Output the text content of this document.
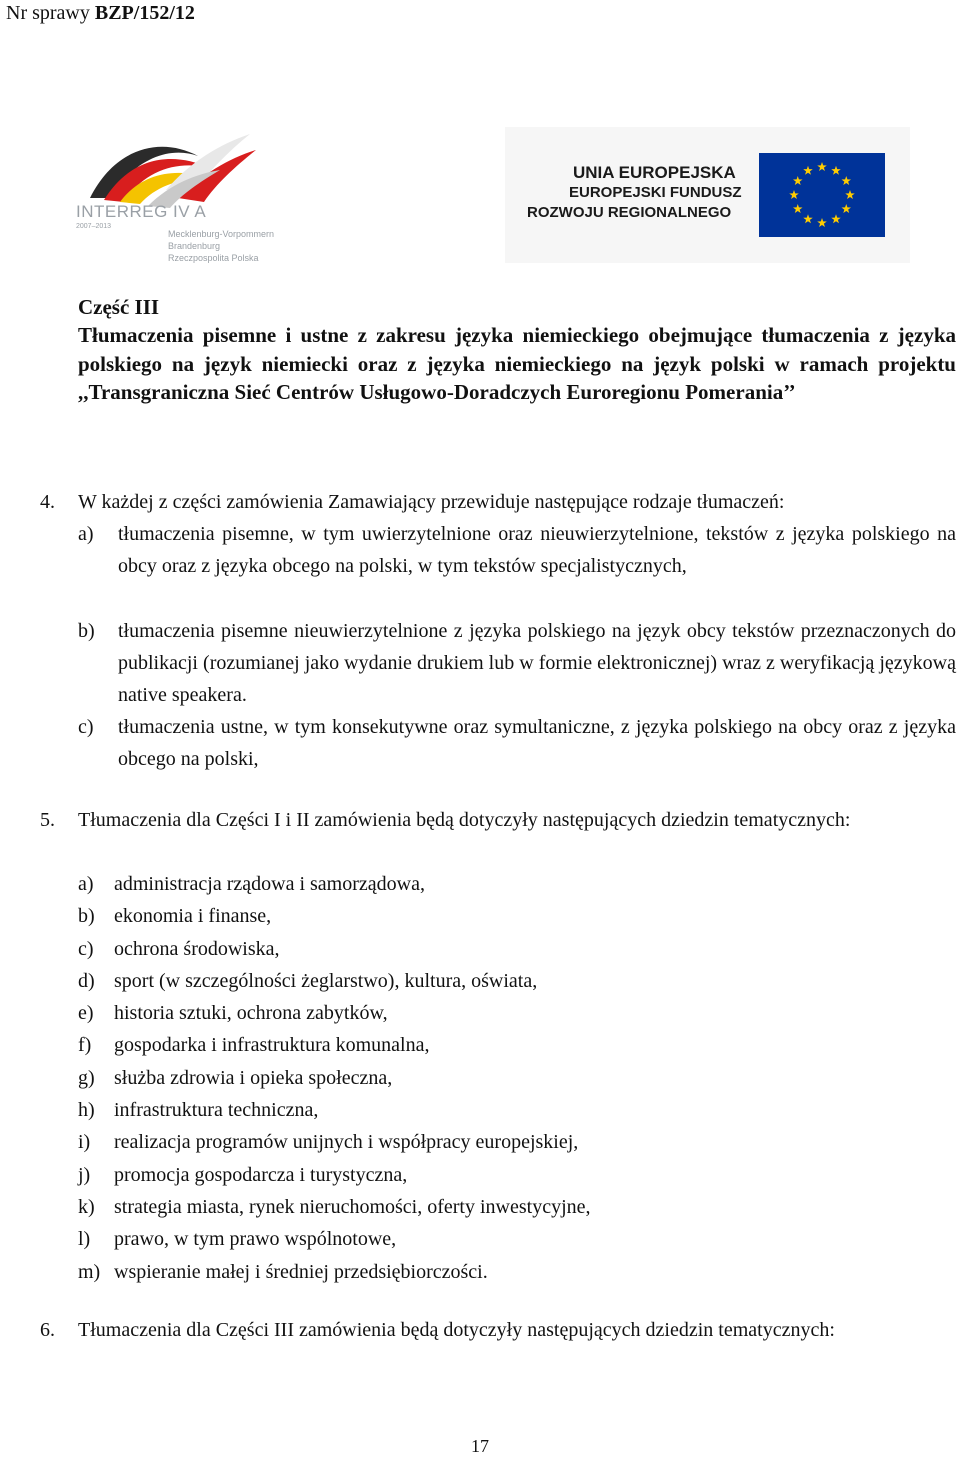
Nr sprawy BZP/152/12
INTERREG IV A
2007–2013
Mecklenburg-Vorpommern
Brandenburg
Rzeczpospolita Polska
UNIA EUROPEJSKA
EUROPEJSKI FUNDUSZ
ROZWOJU REGIONALNEGO
Część III
Tłumaczenia pisemne i ustne z zakresu języka niemieckiego obejmujące tłumaczenia z języka polskiego na język niemiecki oraz z języka niemieckiego na język polski w ramach projektu ,,Transgraniczna Sieć Centrów Usługowo-Doradczych Euroregionu Pomerania’’
4. W każdej z części zamówienia Zamawiający przewiduje następujące rodzaje tłumaczeń:
a) tłumaczenia pisemne, w tym uwierzytelnione oraz nieuwierzytelnione, tekstów z języka polskiego na obcy oraz z języka obcego na polski, w tym tekstów specjalistycznych,
b) tłumaczenia pisemne nieuwierzytelnione z języka polskiego na język obcy tekstów przeznaczonych do publikacji (rozumianej jako wydanie drukiem lub w formie elektronicznej) wraz z weryfikacją językową native speakera.
c) tłumaczenia ustne, w tym konsekutywne oraz symultaniczne, z języka polskiego na obcy oraz z języka obcego na polski,
5. Tłumaczenia dla Części I i II zamówienia będą dotyczyły następujących dziedzin tematycznych:
a) administracja rządowa i samorządowa,
b) ekonomia i finanse,
c) ochrona środowiska,
d) sport (w szczególności żeglarstwo), kultura, oświata,
e) historia sztuki, ochrona zabytków,
f) gospodarka i infrastruktura komunalna,
g) służba zdrowia i opieka społeczna,
h) infrastruktura techniczna,
i) realizacja programów unijnych i współpracy europejskiej,
j) promocja gospodarcza i turystyczna,
k) strategia miasta, rynek nieruchomości, oferty inwestycyjne,
l) prawo, w tym prawo wspólnotowe,
m) wspieranie małej i średniej przedsiębiorczości.
6. Tłumaczenia dla Części III zamówienia będą dotyczyły następujących dziedzin tematycznych:
17
